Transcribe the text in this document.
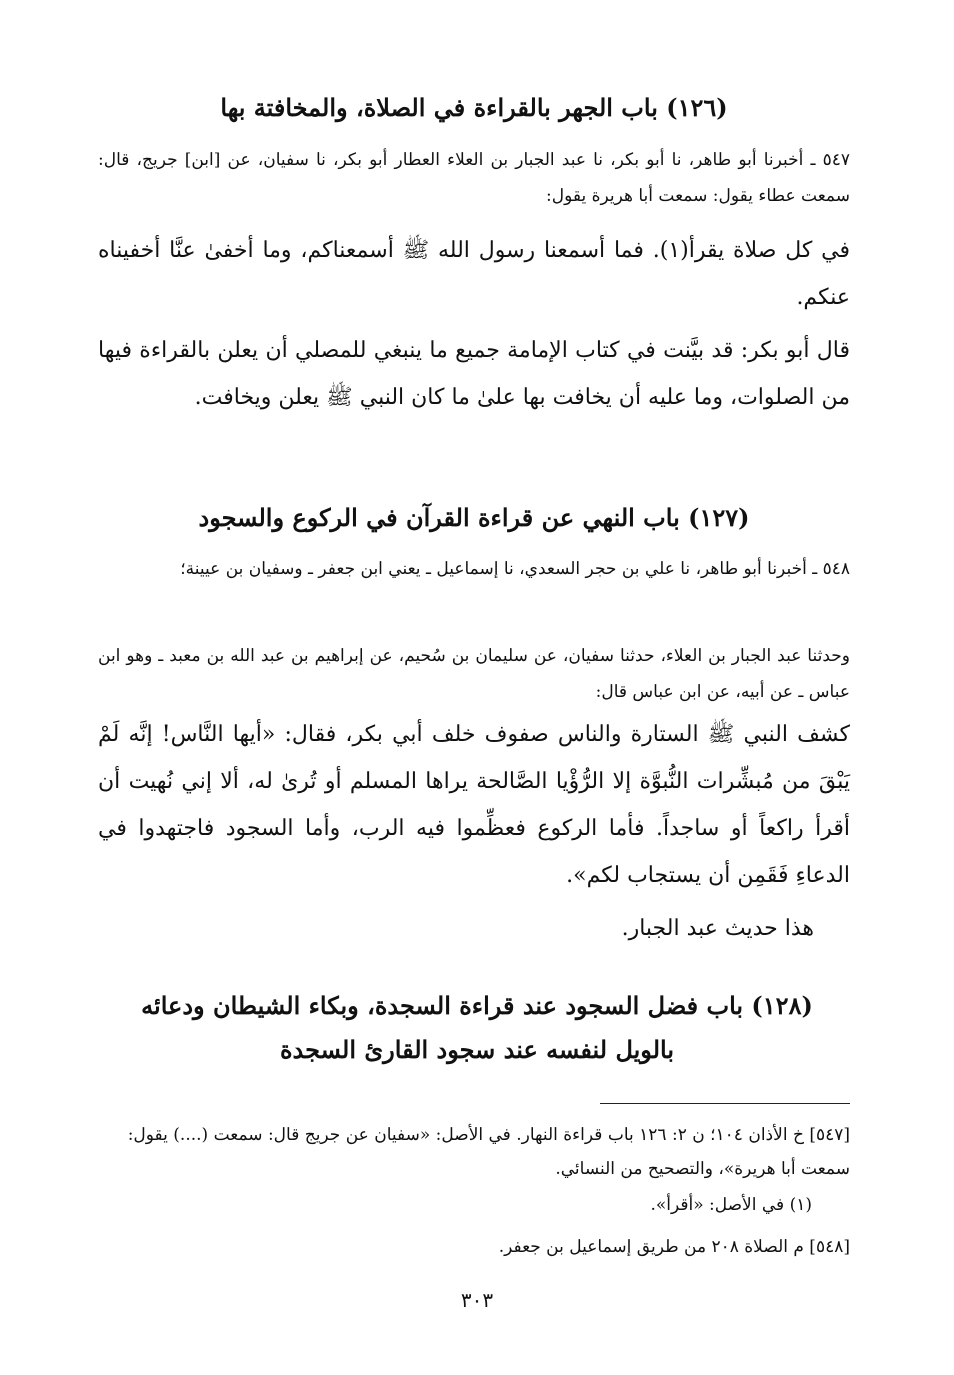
(١٢٦) باب الجهر بالقراءة في الصلاة، والمخافتة بها

٥٤٧ ـ أخبرنا أبو طاهر، نا أبو بكر، نا عبد الجبار بن العلاء العطار أبو بكر، نا سفيان، عن [ابن] جريج، قال: سمعت عطاء يقول: سمعت أبا هريرة يقول:

في كل صلاة يقرأ(١). فما أسمعنا رسول الله ﷺ أسمعناكم، وما أخفىٰ عنَّا أخفيناه عنكم.

قال أبو بكر: قد بيَّنت في كتاب الإمامة جميع ما ينبغي للمصلي أن يعلن بالقراءة فيها من الصلوات، وما عليه أن يخافت بها علىٰ ما كان النبي ﷺ يعلن ويخافت.

(١٢٧) باب النهي عن قراءة القرآن في الركوع والسجود

٥٤٨ ـ أخبرنا أبو طاهر، نا علي بن حجر السعدي، نا إسماعيل ـ يعني ابن جعفر ـ وسفيان بن عيينة؛

وحدثنا عبد الجبار بن العلاء، حدثنا سفيان، عن سليمان بن سُحيم، عن إبراهيم بن عبد الله بن معبد ـ وهو ابن عباس ـ عن أبيه، عن ابن عباس قال:

كشف النبي ﷺ الستارة والناس صفوف خلف أبي بكر، فقال: «أيها النَّاس! إنَّه لَمْ يَبْقَ من مُبشِّرات النُّبوَّة إلا الرُّؤْيا الصَّالحة يراها المسلم أو تُرىٰ له، ألا إني نُهيت أن أقرأ راكعاً أو ساجداً. فأما الركوع فعظِّموا فيه الرب، وأما السجود فاجتهدوا في الدعاءِ فَقَمِن أن يستجاب لكم».

هذا حديث عبد الجبار.

(١٢٨) باب فضل السجود عند قراءة السجدة، وبكاء الشيطان ودعائه بالويل لنفسه عند سجود القارئ السجدة

[٥٤٧] خ الأذان ١٠٤؛ ن ٢: ١٢٦ باب قراءة النهار. في الأصل: «سفيان عن جريج قال: سمعت (....) يقول: سمعت أبا هريرة»، والتصحيح من النسائي.

(١) في الأصل: «أقرأ».

[٥٤٨] م الصلاة ٢٠٨ من طريق إسماعيل بن جعفر.

٣٠٣
